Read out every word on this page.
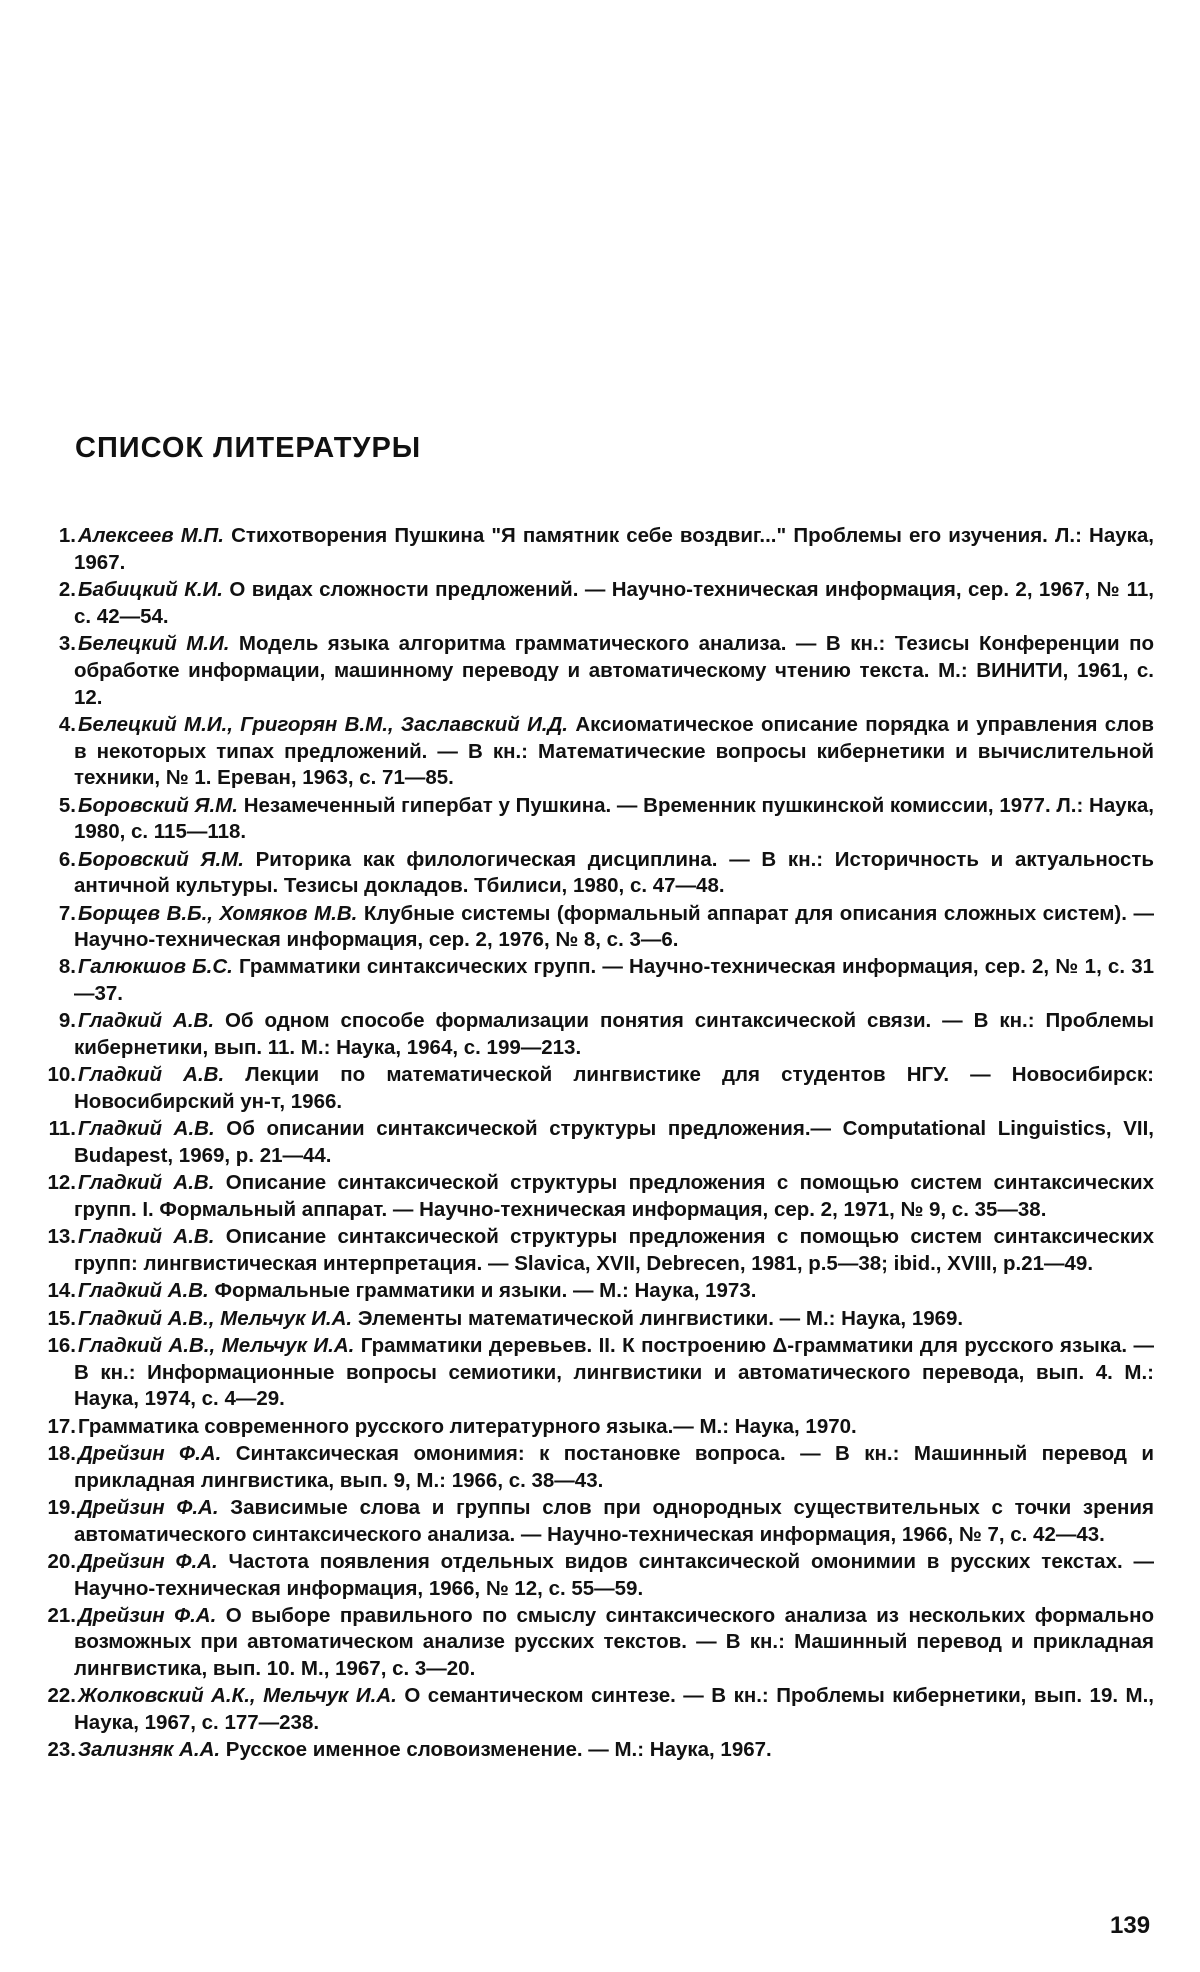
СПИСОК ЛИТЕРАТУРЫ
1. Алексеев М.П. Стихотворения Пушкина "Я памятник себе воздвиг..." Проблемы его изучения. Л.: Наука, 1967.
2. Бабицкий К.И. О видах сложности предложений. — Научно-техническая информация, сер. 2, 1967, № 11, с. 42—54.
3. Белецкий М.И. Модель языка алгоритма грамматического анализа. — В кн.: Тезисы Конференции по обработке информации, машинному переводу и автоматическому чтению текста. М.: ВИНИТИ, 1961, с. 12.
4. Белецкий М.И., Григорян В.М., Заславский И.Д. Аксиоматическое описание порядка и управления слов в некоторых типах предложений. — В кн.: Математические вопросы кибернетики и вычислительной техники, № 1. Ереван, 1963, с. 71—85.
5. Боровский Я.М. Незамеченный гипербат у Пушкина. — Временник пушкинской комиссии, 1977. Л.: Наука, 1980, с. 115—118.
6. Боровский Я.М. Риторика как филологическая дисциплина. — В кн.: Историчность и актуальность античной культуры. Тезисы докладов. Тбилиси, 1980, с. 47—48.
7. Борщев В.Б., Хомяков М.В. Клубные системы (формальный аппарат для описания сложных систем). — Научно-техническая информация, сер. 2, 1976, № 8, с. 3—6.
8. Галюкшов Б.С. Грамматики синтаксических групп. — Научно-техническая информация, сер. 2, № 1, с. 31—37.
9. Гладкий А.В. Об одном способе формализации понятия синтаксической связи. — В кн.: Проблемы кибернетики, вып. 11. М.: Наука, 1964, с. 199—213.
10. Гладкий А.В. Лекции по математической лингвистике для студентов НГУ. — Новосибирск: Новосибирский ун-т, 1966.
11. Гладкий А.В. Об описании синтаксической структуры предложения.— Computational Linguistics, VII, Budapest, 1969, p. 21—44.
12. Гладкий А.В. Описание синтаксической структуры предложения с помощью систем синтаксических групп. I. Формальный аппарат. — Научно-техническая информация, сер. 2, 1971, № 9, с. 35—38.
13. Гладкий А.В. Описание синтаксической структуры предложения с помощью систем синтаксических групп: лингвистическая интерпретация. — Slavica, XVII, Debrecen, 1981, p.5—38; ibid., XVIII, p.21—49.
14. Гладкий А.В. Формальные грамматики и языки. — М.: Наука, 1973.
15. Гладкий А.В., Мельчук И.А. Элементы математической лингвистики. — М.: Наука, 1969.
16. Гладкий А.В., Мельчук И.А. Грамматики деревьев. II. К построению Δ-грамматики для русского языка. — В кн.: Информационные вопросы семиотики, лингвистики и автоматического перевода, вып. 4. М.: Наука, 1974, с. 4—29.
17. Грамматика современного русского литературного языка.— М.: Наука, 1970.
18. Дрейзин Ф.А. Синтаксическая омонимия: к постановке вопроса. — В кн.: Машинный перевод и прикладная лингвистика, вып. 9, М.: 1966, с. 38—43.
19. Дрейзин Ф.А. Зависимые слова и группы слов при однородных существительных с точки зрения автоматического синтаксического анализа. — Научно-техническая информация, 1966, № 7, с. 42—43.
20. Дрейзин Ф.А. Частота появления отдельных видов синтаксической омонимии в русских текстах. — Научно-техническая информация, 1966, № 12, с. 55—59.
21. Дрейзин Ф.А. О выборе правильного по смыслу синтаксического анализа из нескольких формально возможных при автоматическом анализе русских текстов. — В кн.: Машинный перевод и прикладная лингвистика, вып. 10. М., 1967, с. 3—20.
22. Жолковский А.К., Мельчук И.А. О семантическом синтезе. — В кн.: Проблемы кибернетики, вып. 19. М., Наука, 1967, с. 177—238.
23. Зализняк А.А. Русское именное словоизменение. — М.: Наука, 1967.
139
